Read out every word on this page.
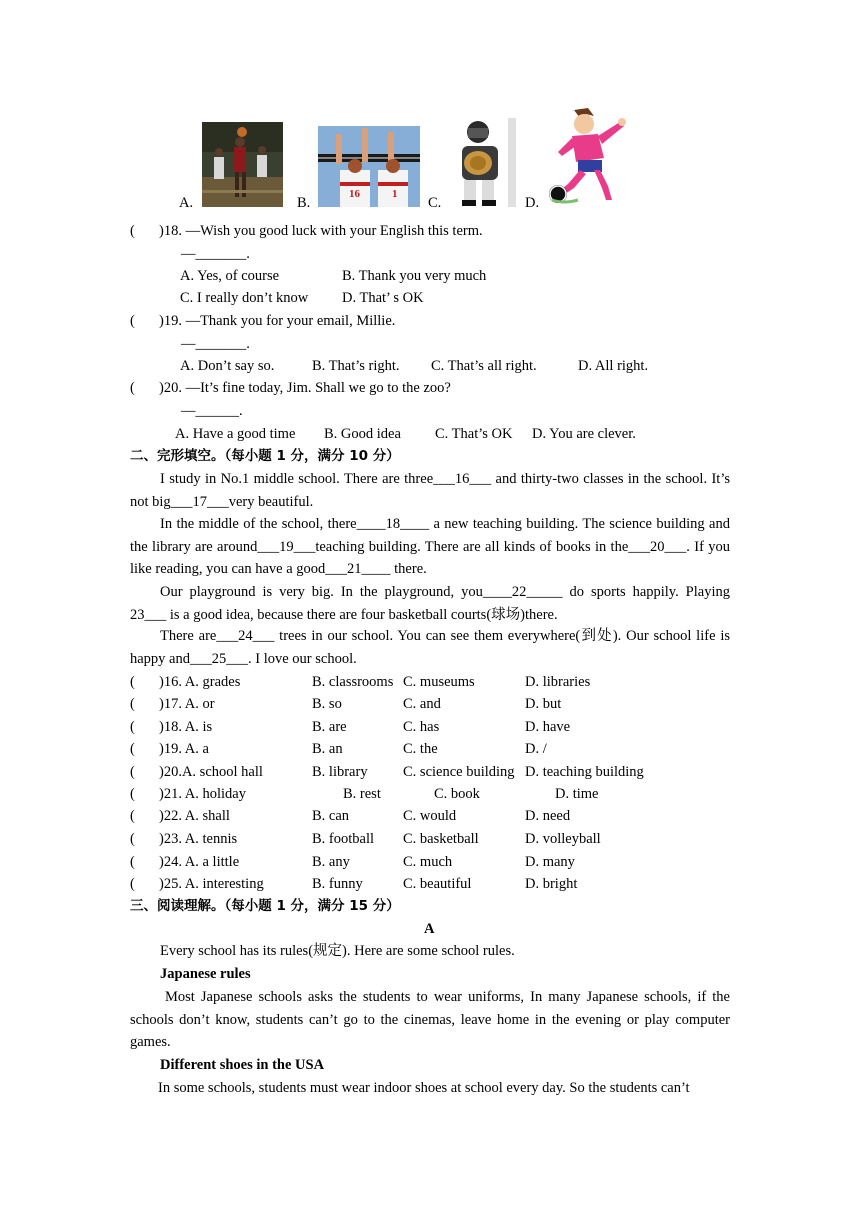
A.	B.
16	1
C.	D.
( )18. —Wish you good luck with your English this term.
—_______.
A. Yes, of course	B. Thank you very much
C. I really don’t know D. That’ s OK
( )19. —Thank you for your email, Millie.
—_______.
A. Don’t say so.	B. That’s right. C. That’s all right.	D. All right.
( )20. —It’s fine today, Jim. Shall we go to the zoo?
—______.
A. Have a good time B. Good idea C. That’s OK D. You are clever.
二、完形填空。（每小题 1 分，满分 10 分）
I study in No.1 middle school. There are three___16___ and thirty-two classes in the school. It’s not big___17___very beautiful.
In the middle of the school, there____18____ a new teaching building. The science building and the library are around___19___teaching building. There are all kinds of books in the___20___. If you like reading, you can have a good___21____ there.
Our playground is very big. In the playground, you____22_____ do sports happily. Playing 23___ is a good idea, because there are four basketball courts(球场)there.
There are___24___ trees in our school. You can see them everywhere(到处). Our school life is happy and___25___. I love our school.
( )16. A. grades	B. classrooms C. museums	D. libraries
( )17. A. or	B. so	C. and	D. but
( )18. A. is	B. are	C. has	D. have
( )19. A. a	B. an	C. the	D. /
( )20.A. school hall	B. library C. science building D. teaching building
( )21. A. holiday	B. rest	C. book	D. time
( )22. A. shall	B. can	C. would	D. need
( )23. A. tennis	B. football C. basketball	D. volleyball
( )24. A. a little	B. any	C. much	D. many
( )25. A. interesting	B. funny	C. beautiful	D. bright
三、阅读理解。（每小题 1 分，满分 15 分）
A
Every school has its rules(规定). Here are some school rules.
Japanese rules
Most Japanese schools asks the students to wear uniforms, In many Japanese schools, if the schools don’t know, students can’t go to the cinemas, leave home in the evening or play computer games.
Different shoes in the USA
In some schools, students must wear indoor shoes at school every day. So the students can’t
